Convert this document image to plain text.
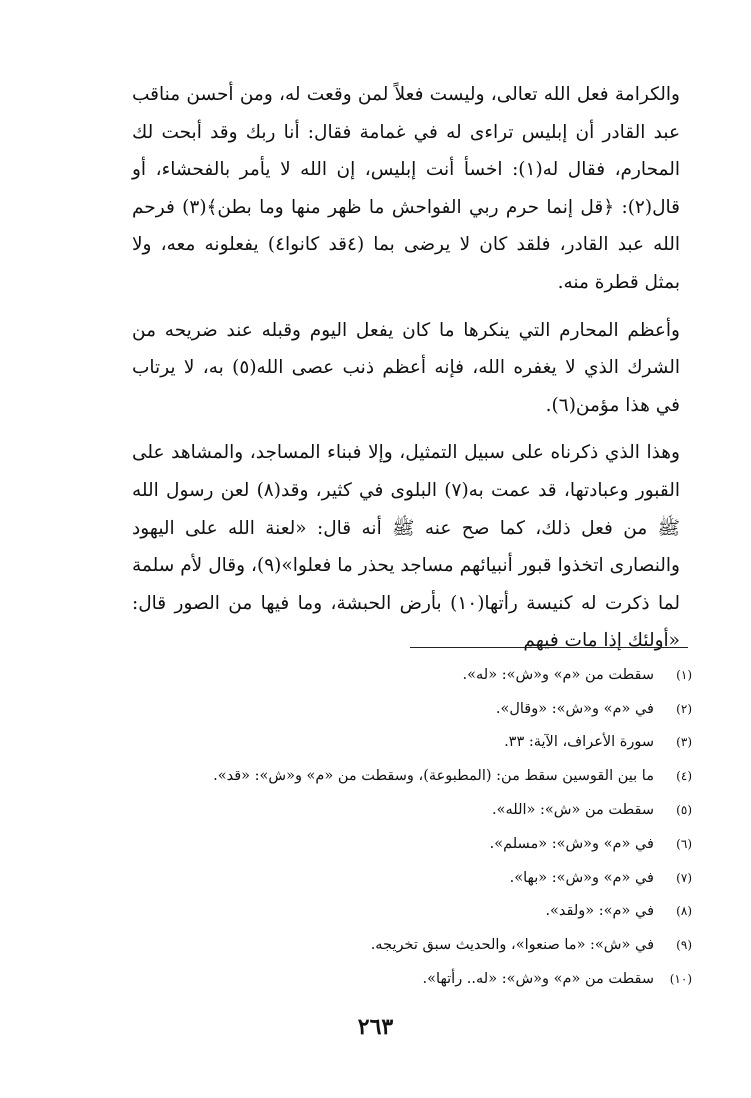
والكرامة فعل الله تعالى، وليست فعلاً لمن وقعت له، ومن أحسن مناقب عبد القادر أن إبليس تراءى له في غمامة فقال: أنا ربك وقد أبحت لك المحارم، فقال له(١): اخسأ أنت إبليس، إن الله لا يأمر بالفحشاء، أو قال(٢): ﴿قل إنما حرم ربي الفواحش ما ظهر منها وما بطن﴾(٣) فرحم الله عبد القادر، فلقد كان لا يرضى بما (٤قد كانوا٤) يفعلونه معه، ولا بمثل قطرة منه.

وأعظم المحارم التي ينكرها ما كان يفعل اليوم وقبله عند ضريحه من الشرك الذي لا يغفره الله، فإنه أعظم ذنب عصى الله(٥) به، لا يرتاب في هذا مؤمن(٦).

وهذا الذي ذكرناه على سبيل التمثيل، وإلا فبناء المساجد، والمشاهد على القبور وعبادتها، قد عمت به(٧) البلوى في كثير، وقد(٨) لعن رسول الله ﷺ من فعل ذلك، كما صح عنه ﷺ أنه قال: «لعنة الله على اليهود والنصارى اتخذوا قبور أنبيائهم مساجد يحذر ما فعلوا»(٩)، وقال لأم سلمة لما ذكرت له كنيسة رأتها(١٠) بأرض الحبشة، وما فيها من الصور قال: «أولئك إذا مات فيهم

(١)
سقطت من «م» و«ش»: «له».
(٢)
في «م» و«ش»: «وقال».
(٣)
سورة الأعراف، الآية: ٣٣.
(٤)
ما بين القوسين سقط من: (المطبوعة)، وسقطت من «م» و«ش»: «قد».
(٥)
سقطت من «ش»: «الله».
(٦)
في «م» و«ش»: «مسلم».
(٧)
في «م» و«ش»: «بها».
(٨)
في «م»: «ولقد».
(٩)
في «ش»: «ما صنعوا»، والحديث سبق تخريجه.
(١٠)
سقطت من «م» و«ش»: «له.. رأتها».
٢٦٣
